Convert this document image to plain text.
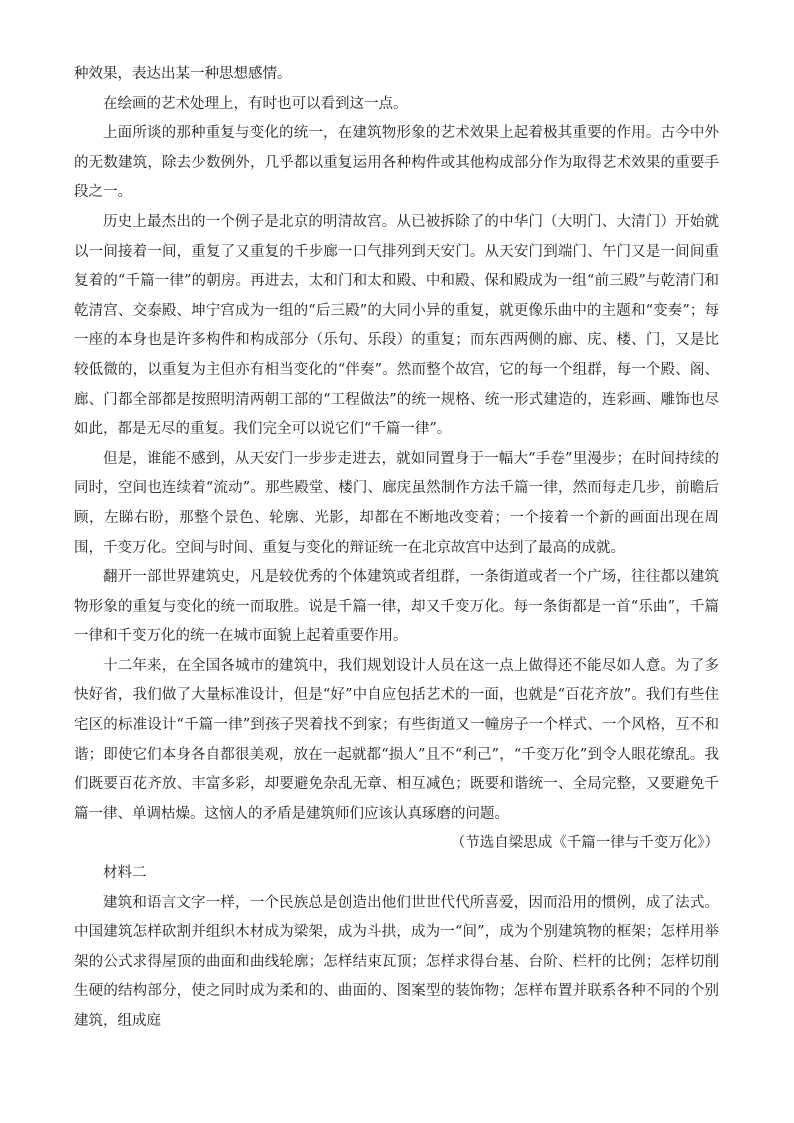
种效果，表达出某一种思想感情。

在绘画的艺术处理上，有时也可以看到这一点。

上面所谈的那种重复与变化的统一，在建筑物形象的艺术效果上起着极其重要的作用。古今中外的无数建筑，除去少数例外，几乎都以重复运用各种构件或其他构成部分作为取得艺术效果的重要手段之一。

历史上最杰出的一个例子是北京的明清故宫。从已被拆除了的中华门（大明门、大清门）开始就以一间接着一间，重复了又重复的千步廊一口气排列到天安门。从天安门到端门、午门又是一间间重复着的“千篇一律”的朝房。再进去，太和门和太和殿、中和殿、保和殿成为一组“前三殿”与乾清门和乾清宫、交泰殿、坤宁宫成为一组的“后三殿”的大同小异的重复，就更像乐曲中的主题和“变奏”；每一座的本身也是许多构件和构成部分（乐句、乐段）的重复；而东西两侧的廊、庑、楼、门，又是比较低微的，以重复为主但亦有相当变化的“伴奏”。然而整个故宫，它的每一个组群，每一个殿、阁、廊、门都全部都是按照明清两朝工部的“工程做法”的统一规格、统一形式建造的，连彩画、雕饰也尽如此，都是无尽的重复。我们完全可以说它们“千篇一律”。

但是，谁能不感到，从天安门一步步走进去，就如同置身于一幅大“手卷”里漫步；在时间持续的同时，空间也连续着“流动”。那些殿堂、楼门、廊庑虽然制作方法千篇一律，然而每走几步，前瞻后顾，左睇右盼，那整个景色、轮廓、光影，却都在不断地改变着；一个接着一个新的画面出现在周围，千变万化。空间与时间、重复与变化的辩证统一在北京故宫中达到了最高的成就。

翻开一部世界建筑史，凡是较优秀的个体建筑或者组群，一条街道或者一个广场，往往都以建筑物形象的重复与变化的统一而取胜。说是千篇一律，却又千变万化。每一条街都是一首“乐曲”，千篇一律和千变万化的统一在城市面貌上起着重要作用。

十二年来，在全国各城市的建筑中，我们规划设计人员在这一点上做得还不能尽如人意。为了多快好省，我们做了大量标准设计，但是“好”中自应包括艺术的一面，也就是“百花齐放”。我们有些住宅区的标准设计“千篇一律”到孩子哭着找不到家；有些街道又一幢房子一个样式、一个风格，互不和谐；即使它们本身各自都很美观，放在一起就都“损人”且不“利己”，“千变万化”到令人眼花缭乱。我们既要百花齐放、丰富多彩，却要避免杂乱无章、相互减色；既要和谐统一、全局完整，又要避免千篇一律、单调枯燥。这恼人的矛盾是建筑师们应该认真琢磨的问题。

（节选自梁思成《千篇一律与千变万化》）

材料二

建筑和语言文字一样，一个民族总是创造出他们世世代代所喜爱，因而沿用的惯例，成了法式。中国建筑怎样砍割并组织木材成为梁架，成为斗拱，成为一“间”，成为个别建筑物的框架；怎样用举架的公式求得屋顶的曲面和曲线轮廓；怎样结束瓦顶；怎样求得台基、台阶、栏杆的比例；怎样切削生硬的结构部分，使之同时成为柔和的、曲面的、图案型的装饰物；怎样布置并联系各种不同的个别建筑，组成庭
